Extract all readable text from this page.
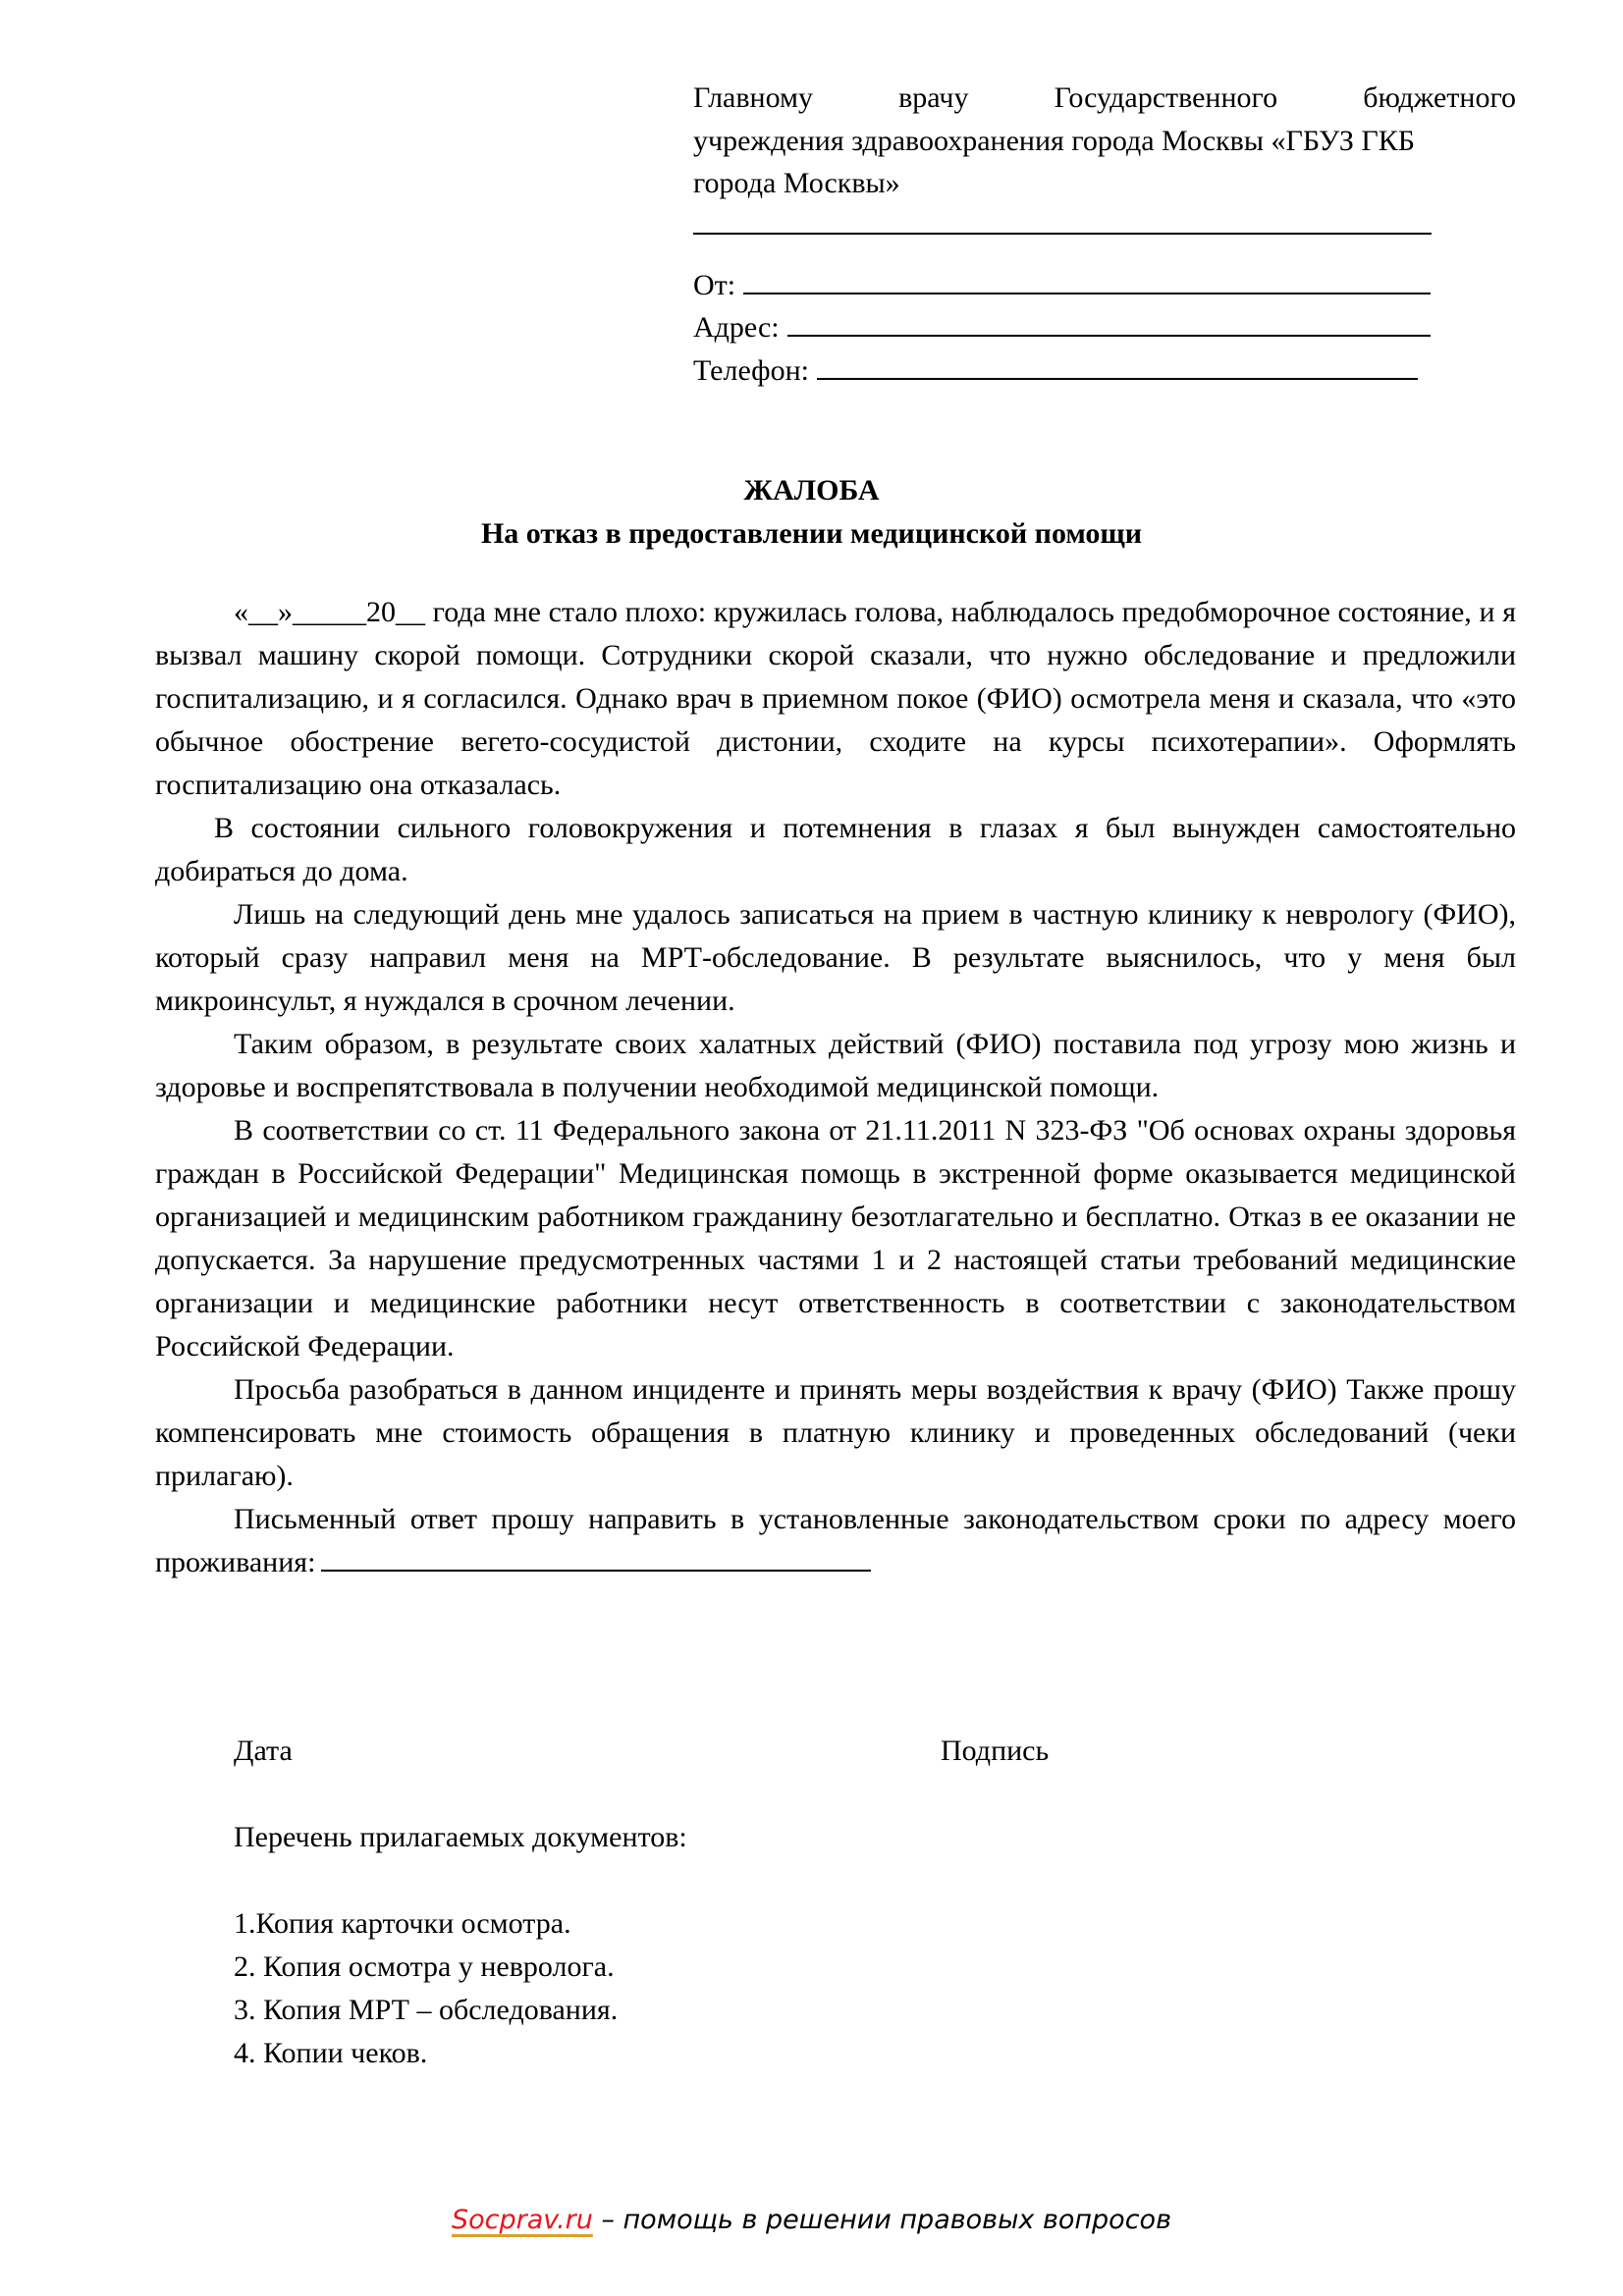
Главному врачу Государственного бюджетного
учреждения здравоохранения города Москвы «ГБУЗ ГКБ
города Москвы»
От:
Адрес:
Телефон:
ЖАЛОБА
На отказ в предоставлении медицинской помощи

«__»_____20__ года мне стало плохо: кружилась голова, наблюдалось предобморочное состояние, и я вызвал машину скорой помощи. Сотрудники скорой сказали, что нужно обследование и предложили госпитализацию, и я согласился. Однако врач в приемном покое (ФИО) осмотрела меня и сказала, что «это обычное обострение вегето-сосудистой дистонии, сходите на курсы психотерапии». Оформлять госпитализацию она отказалась.

В состоянии сильного головокружения и потемнения в глазах я был вынужден самостоятельно добираться до дома.

Лишь на следующий день мне удалось записаться на прием в частную клинику к неврологу (ФИО), который сразу направил меня на МРТ-обследование. В результате выяснилось, что у меня был микроинсульт, я нуждался в срочном лечении.

Таким образом, в результате своих халатных действий (ФИО) поставила под угрозу мою жизнь и здоровье и воспрепятствовала в получении необходимой медицинской помощи.

В соответствии со ст. 11 Федерального закона от 21.11.2011 N 323-ФЗ "Об основах охраны здоровья граждан в Российской Федерации" Медицинская помощь в экстренной форме оказывается медицинской организацией и медицинским работником гражданину безотлагательно и бесплатно. Отказ в ее оказании не допускается. За нарушение предусмотренных частями 1 и 2 настоящей статьи требований медицинские организации и медицинские работники несут ответственность в соответствии с законодательством Российской Федерации.

Просьба разобраться в данном инциденте и принять меры воздействия к врачу (ФИО) Также прошу компенсировать мне стоимость обращения в платную клинику и проведенных обследований (чеки прилагаю).

Письменный ответ прошу направить в установленные законодательством сроки по адресу моего проживания:

Дата	Подпись
Перечень прилагаемых документов:
1.Копия карточки осмотра.
2. Копия осмотра у невролога.
3. Копия МРТ – обследования.
4. Копии чеков.
Socprav.ru – помощь в решении правовых вопросов
